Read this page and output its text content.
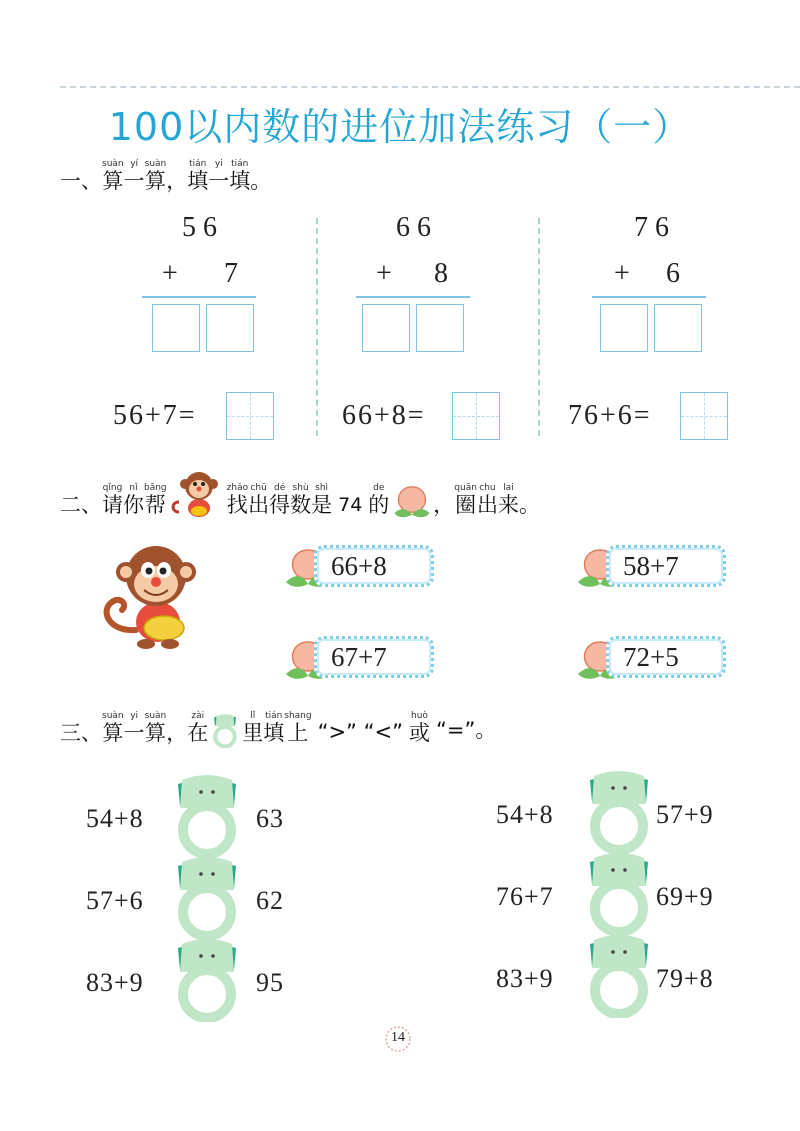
100以内数的进位加法练习（一）
一、
suàn
算
yí
一
suàn
算 ，
tián
填
yi
一
tián
填 。
5 6
+ 7
6 6
+ 8
7 6
+ 6
56+7=	66+8=	76+6=
二、
qǐng
请
nǐ
你
bāng
帮
zhǎo
找
chū
出
dé
得
shù
数
shì
是 74
de
的 ，
quān
圈
chu
出
lai
来 。
66+8	58+7
67+7	72+5
三、
suàn
算
yi
一
suàn
算 ，
zài
在
lǐ
里
tián
填
shang
上 “>” “<”
huò
或 “=”。
54+8	63
57+6	62
83+9	95
54+8	57+9
76+7	69+9
83+9	79+8
14
